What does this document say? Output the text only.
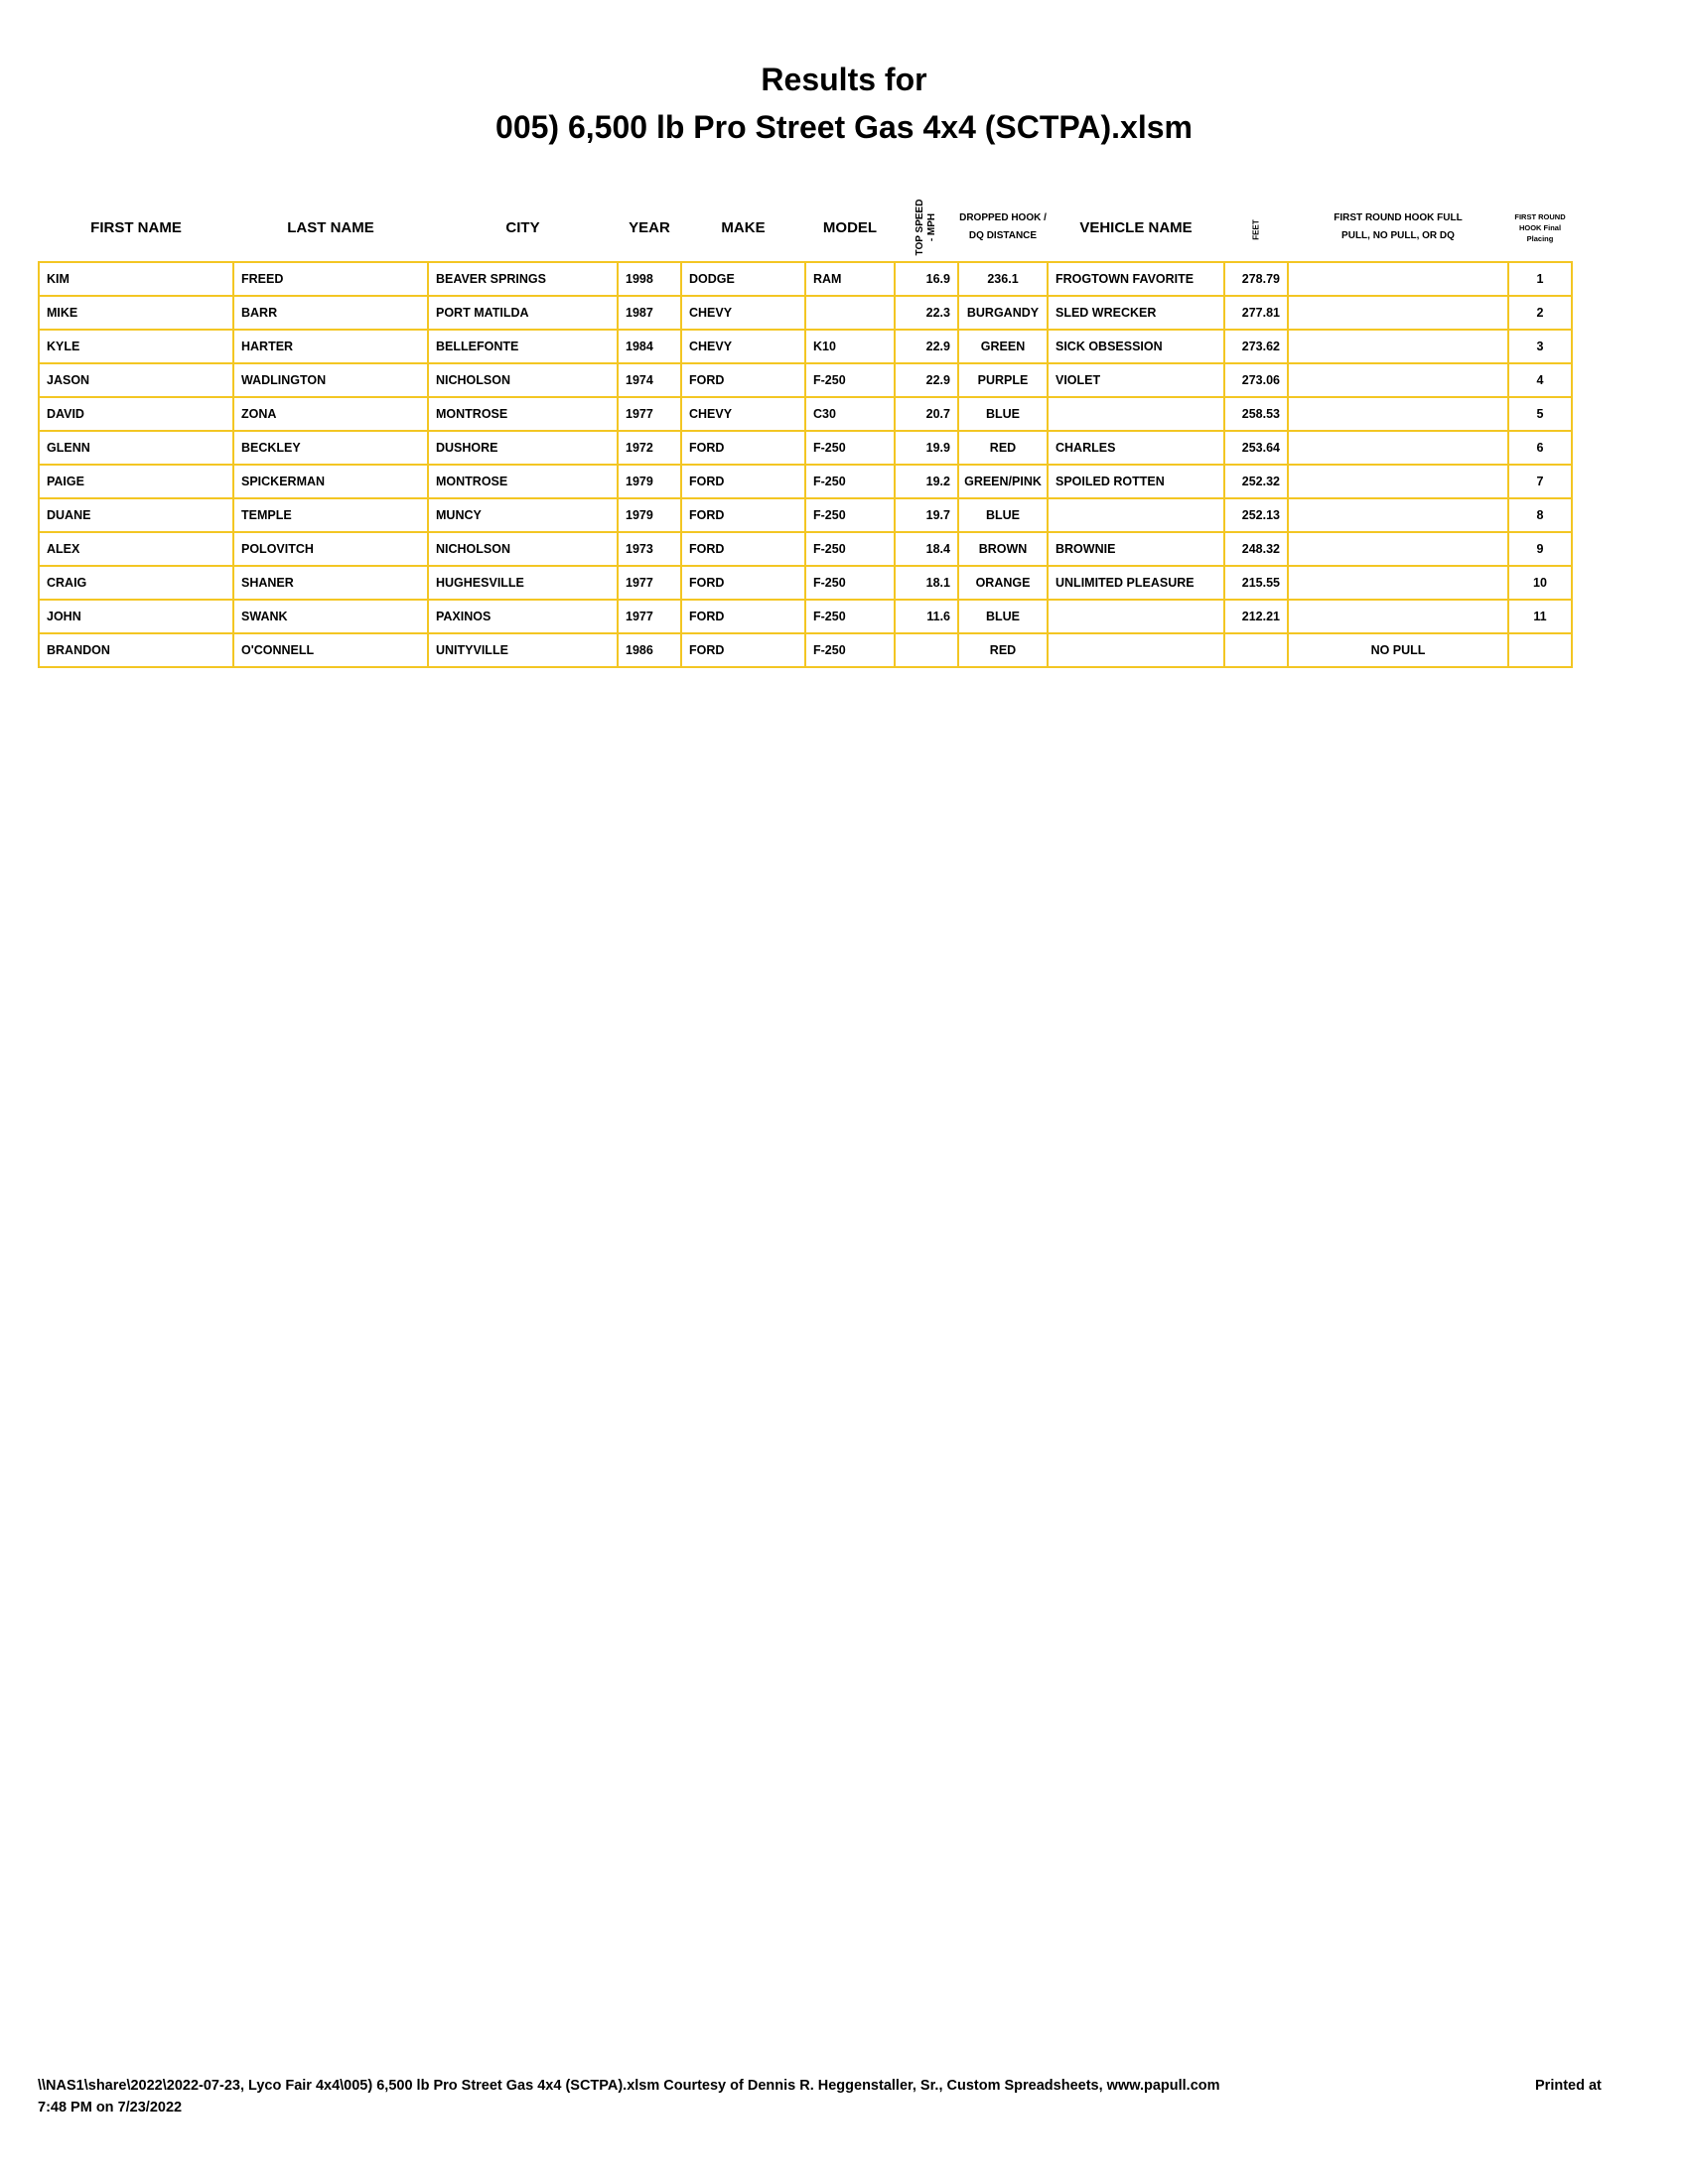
Results for
005) 6,500 lb Pro Street Gas 4x4 (SCTPA).xlsm
FIRST NAME	LAST NAME	CITY	YEAR	MAKE	MODEL	TOP SPEED - MPH	DROPPED HOOK / DQ DISTANCE	VEHICLE NAME	FEET	FIRST ROUND HOOK FULL PULL, NO PULL, OR DQ	FIRST ROUND HOOK Final Placing
KIM	FREED	BEAVER SPRINGS	1998	DODGE	RAM	16.9	236.1	FROGTOWN FAVORITE	278.79		1
MIKE	BARR	PORT MATILDA	1987	CHEVY		22.3	BURGANDY	SLED WRECKER	277.81		2
KYLE	HARTER	BELLEFONTE	1984	CHEVY	K10	22.9	GREEN	SICK OBSESSION	273.62		3
JASON	WADLINGTON	NICHOLSON	1974	FORD	F-250	22.9	PURPLE	VIOLET	273.06		4
DAVID	ZONA	MONTROSE	1977	CHEVY	C30	20.7	BLUE		258.53		5
GLENN	BECKLEY	DUSHORE	1972	FORD	F-250	19.9	RED	CHARLES	253.64		6
PAIGE	SPICKERMAN	MONTROSE	1979	FORD	F-250	19.2	GREEN/PINK	SPOILED ROTTEN	252.32		7
DUANE	TEMPLE	MUNCY	1979	FORD	F-250	19.7	BLUE		252.13		8
ALEX	POLOVITCH	NICHOLSON	1973	FORD	F-250	18.4	BROWN	BROWNIE	248.32		9
CRAIG	SHANER	HUGHESVILLE	1977	FORD	F-250	18.1	ORANGE	UNLIMITED PLEASURE	215.55		10
JOHN	SWANK	PAXINOS	1977	FORD	F-250	11.6	BLUE		212.21		11
BRANDON	O'CONNELL	UNITYVILLE	1986	FORD	F-250		RED			NO PULL	
\\NAS1\share\2022\2022-07-23, Lyco Fair 4x4\005) 6,500 lb Pro Street Gas 4x4 (SCTPA).xlsm Courtesy of Dennis R. Heggenstaller, Sr., Custom Spreadsheets, www.papull.com
7:48 PM on 7/23/2022
Printed at
